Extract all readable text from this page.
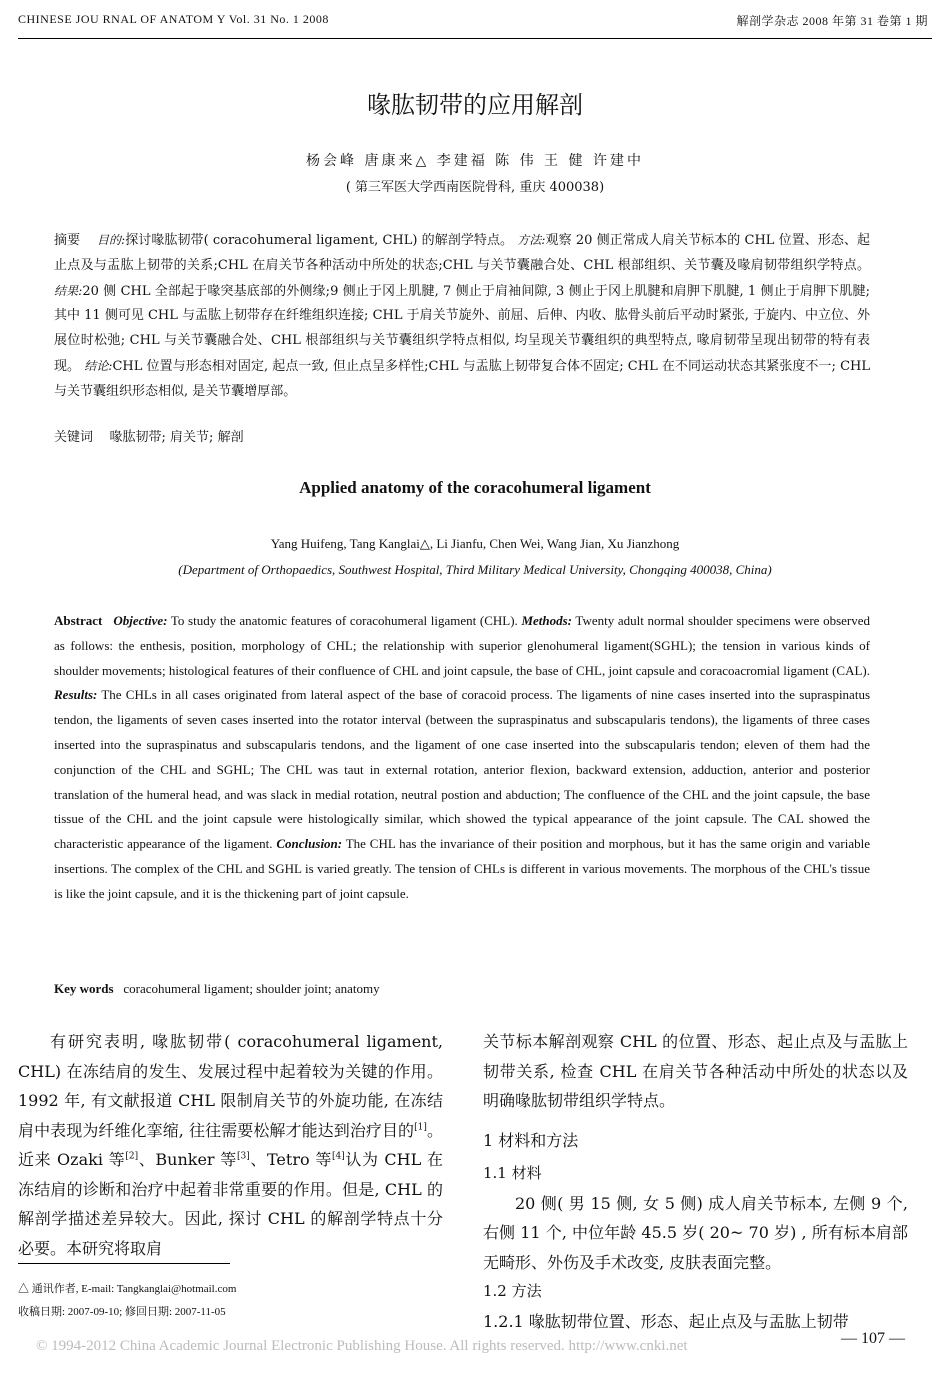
CHINESE JOU RNAL OF ANATOM Y Vol. 31 No. 1 2008	解剖学杂志 2008 年第 31 卷第 1 期
喙肱韧带的应用解剖
杨会峰 唐康来△ 李建福 陈 伟 王 健 许建中
( 第三军医大学西南医院骨科, 重庆 400038)
摘要 目的:探讨喙肱韧带( coracohumeral ligament, CHL) 的解剖学特点。 方法:观察 20 侧正常成人肩关节标本的 CHL 位置、形态、起止点及与盂肱上韧带的关系;CHL 在肩关节各种活动中所处的状态;CHL 与关节囊融合处、CHL 根部组织、关节囊及喙肩韧带组织学特点。 结果:20 侧 CHL 全部起于喙突基底部的外侧缘;9 侧止于冈上肌腱, 7 侧止于肩袖间隙, 3 侧止于冈上肌腱和肩胛下肌腱, 1 侧止于肩胛下肌腱; 其中 11 侧可见 CHL 与盂肱上韧带存在纤维组织连接; CHL 于肩关节旋外、前屈、后伸、内收、肱骨头前后平动时紧张, 于旋内、中立位、外展位时松弛; CHL 与关节囊融合处、CHL 根部组织与关节囊组织学特点相似, 均呈现关节囊组织的典型特点, 喙肩韧带呈现出韧带的特有表现。 结论:CHL 位置与形态相对固定, 起点一致, 但止点呈多样性;CHL 与盂肱上韧带复合体不固定; CHL 在不同运动状态其紧张度不一; CHL 与关节囊组织形态相似, 是关节囊增厚部。
关键词 喙肱韧带; 肩关节; 解剖
Applied anatomy of the coracohumeral ligament
Yang Huifeng, Tang Kanglai△, Li Jianfu, Chen Wei, Wang Jian, Xu Jianzhong
(Department of Orthopaedics, Southwest Hospital, Third Military Medical University, Chongqing 400038, China)
Abstract Objective: To study the anatomic features of coracohumeral ligament (CHL). Methods: Twenty adult normal shoulder specimens were observed as follows: the enthesis, position, morphology of CHL; the relationship with superior glenohumeral ligament(SGHL); the tension in various kinds of shoulder movements; histological features of their confluence of CHL and joint capsule, the base of CHL, joint capsule and coracoacromial ligament (CAL). Results: The CHLs in all cases originated from lateral aspect of the base of coracoid process. The ligaments of nine cases inserted into the supraspinatus tendon, the ligaments of seven cases inserted into the rotator interval (between the supraspinatus and subscapularis tendons), the ligaments of three cases inserted into the supraspinatus and subscapularis tendons, and the ligament of one case inserted into the subscapularis tendon; eleven of them had the conjunction of the CHL and SGHL; The CHL was taut in external rotation, anterior flexion, backward extension, adduction, anterior and posterior translation of the humeral head, and was slack in medial rotation, neutral postion and abduction; The confluence of the CHL and the joint capsule, the base tissue of the CHL and the joint capsule were histologically similar, which showed the typical appearance of the joint capsule. The CAL showed the characteristic appearance of the ligament. Conclusion: The CHL has the invariance of their position and morphous, but it has the same origin and variable insertions. The complex of the CHL and SGHL is varied greatly. The tension of CHLs is different in various movements. The morphous of the CHL's tissue is like the joint capsule, and it is the thickening part of joint capsule.
Key words coracohumeral ligament; shoulder joint; anatomy
有研究表明, 喙肱韧带( coracohumeral ligament, CHL) 在冻结肩的发生、发展过程中起着较为关键的作用。1992 年, 有文献报道 CHL 限制肩关节的外旋功能, 在冻结肩中表现为纤维化挛缩, 往往需要松解才能达到治疗目的[1]。近来 Ozaki 等[2]、Bunker 等[3]、Tetro 等[4]认为 CHL 在冻结肩的诊断和治疗中起着非常重要的作用。但是, CHL 的解剖学描述差异较大。因此, 探讨 CHL 的解剖学特点十分必要。本研究将取肩
关节标本解剖观察 CHL 的位置、形态、起止点及与盂肱上韧带关系, 检查 CHL 在肩关节各种活动中所处的状态以及明确喙肱韧带组织学特点。
1 材料和方法
1.1 材料
20 侧( 男 15 侧, 女 5 侧) 成人肩关节标本, 左侧 9 个, 右侧 11 个, 中位年龄 45.5 岁( 20~ 70 岁) , 所有标本肩部无畸形、外伤及手术改变, 皮肤表面完整。
1.2 方法
1.2.1 喙肱韧带位置、形态、起止点及与盂肱上韧带
△ 通讯作者, E-mail: Tangkanglai@hotmail.com
收稿日期: 2007-09-10; 修回日期: 2007-11-05
— 107 —
© 1994-2012 China Academic Journal Electronic Publishing House. All rights reserved. http://www.cnki.net
